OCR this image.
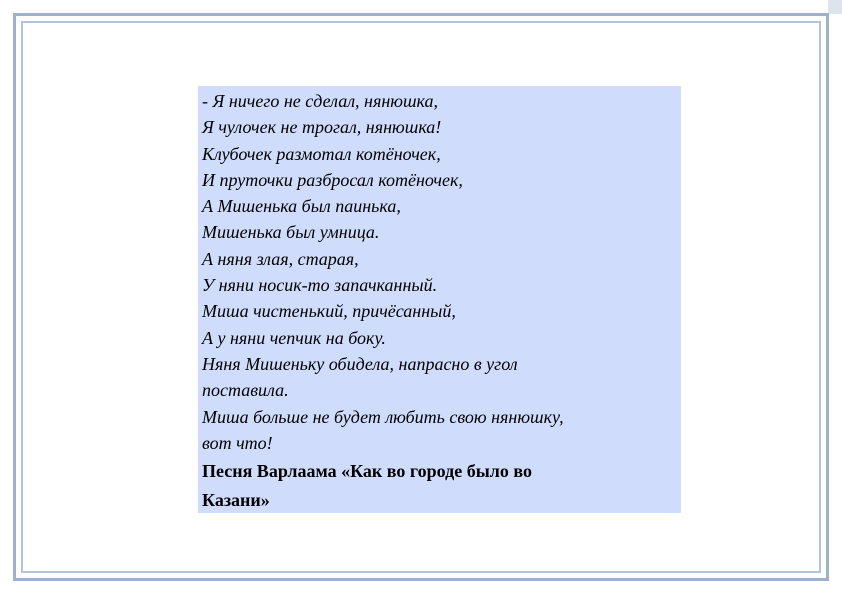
- Я ничего не сделал, нянюшка,
Я чулочек не трогал, нянюшка!
Клубочек размотал котёночек,
И пруточки разбросал котёночек,
А Мишенька был паинька,
Мишенька был умница.
А няня злая, старая,
У няни носик-то запачканный.
Миша чистенький, причёсанный,
А у няни чепчик на боку.
Няня Мишеньку обидела, напрасно в угол
поставила.
Миша больше не будет любить свою нянюшку,
вот что!
Песня Варлаама «Как во городе было во
Казани»
